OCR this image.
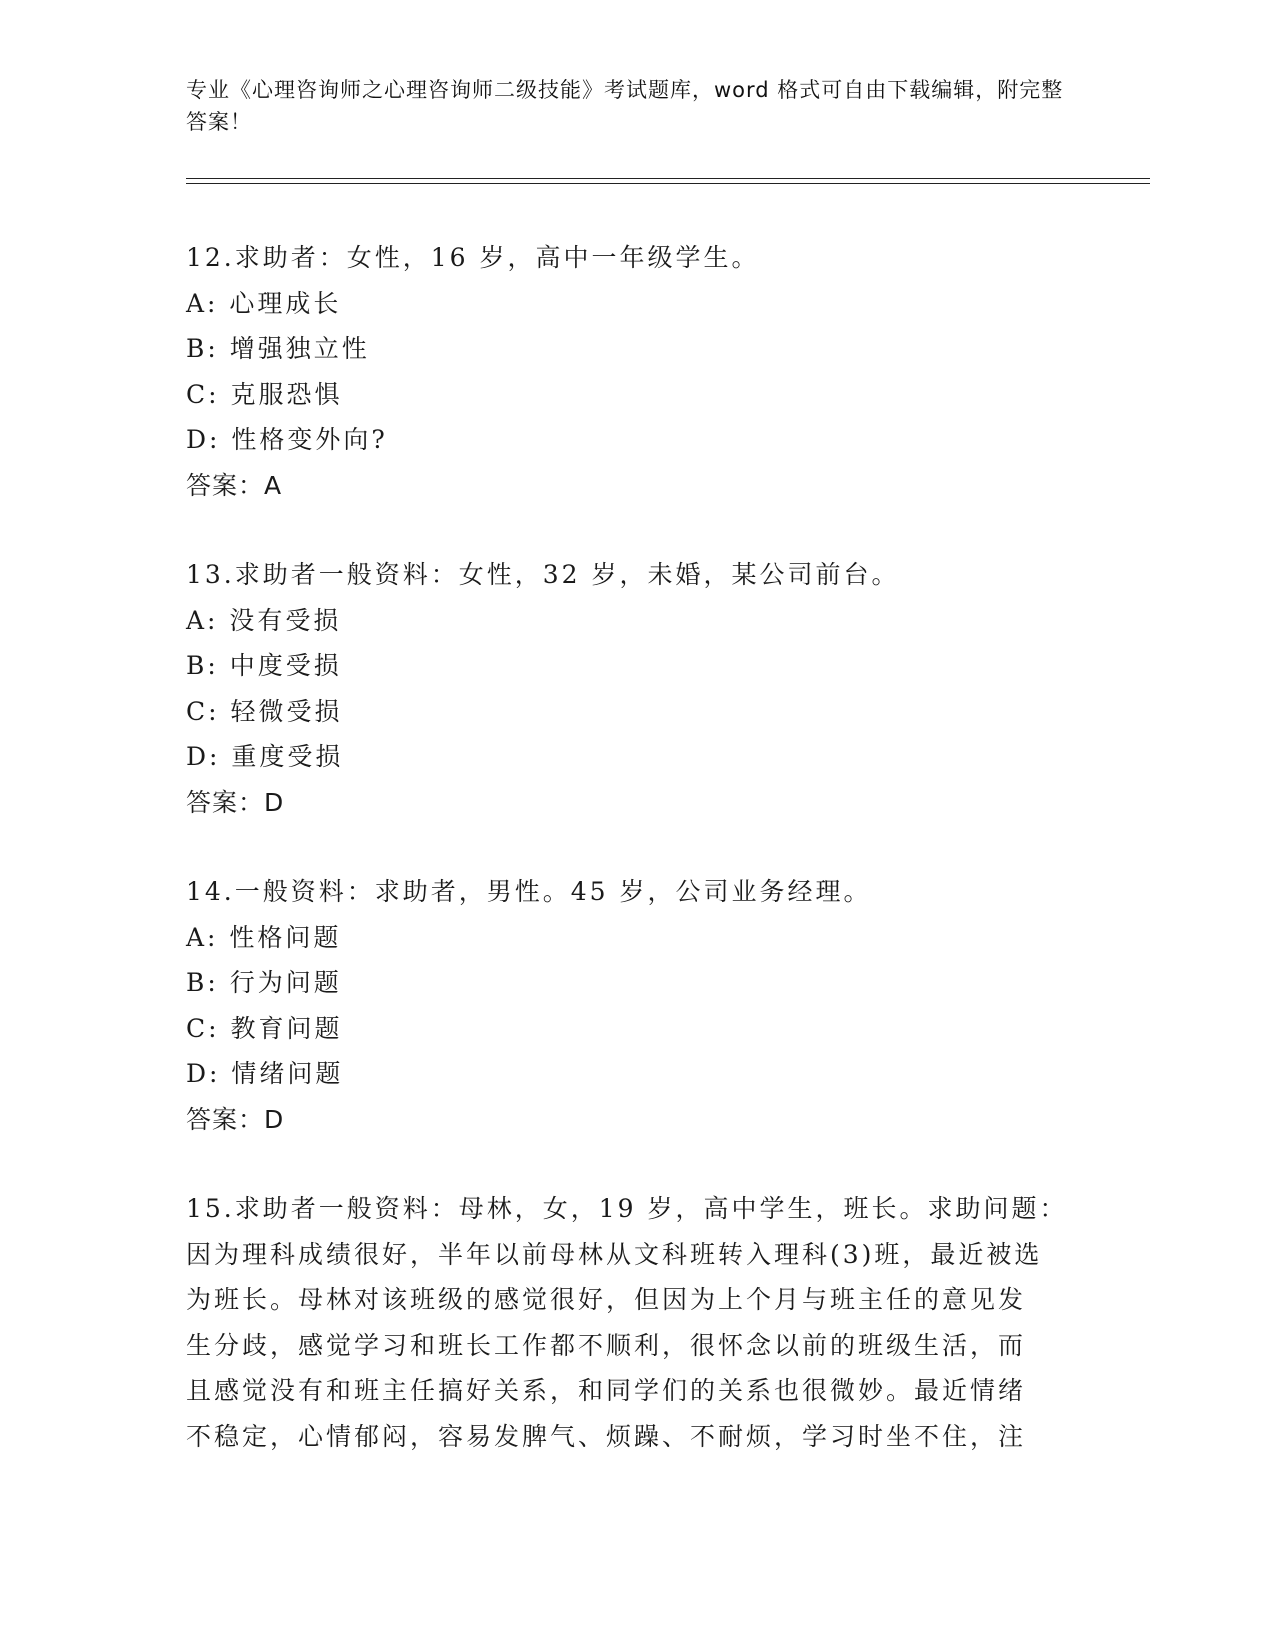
专业《心理咨询师之心理咨询师二级技能》考试题库，word 格式可自由下载编辑，附完整答案！
12.求助者：女性，16 岁，高中一年级学生。
A: 心理成长
B: 增强独立性
C: 克服恐惧
D: 性格变外向?
答案：A
13.求助者一般资料：女性，32 岁，未婚，某公司前台。
A: 没有受损
B: 中度受损
C: 轻微受损
D: 重度受损
答案：D
14.一般资料：求助者，男性。45 岁，公司业务经理。
A: 性格问题
B: 行为问题
C: 教育问题
D: 情绪问题
答案：D
15.求助者一般资料：母林，女，19 岁，高中学生，班长。求助问题：
因为理科成绩很好，半年以前母林从文科班转入理科(3)班，最近被选
为班长。母林对该班级的感觉很好，但因为上个月与班主任的意见发
生分歧，感觉学习和班长工作都不顺利，很怀念以前的班级生活，而
且感觉没有和班主任搞好关系，和同学们的关系也很微妙。最近情绪
不稳定，心情郁闷，容易发脾气、烦躁、不耐烦，学习时坐不住，注
